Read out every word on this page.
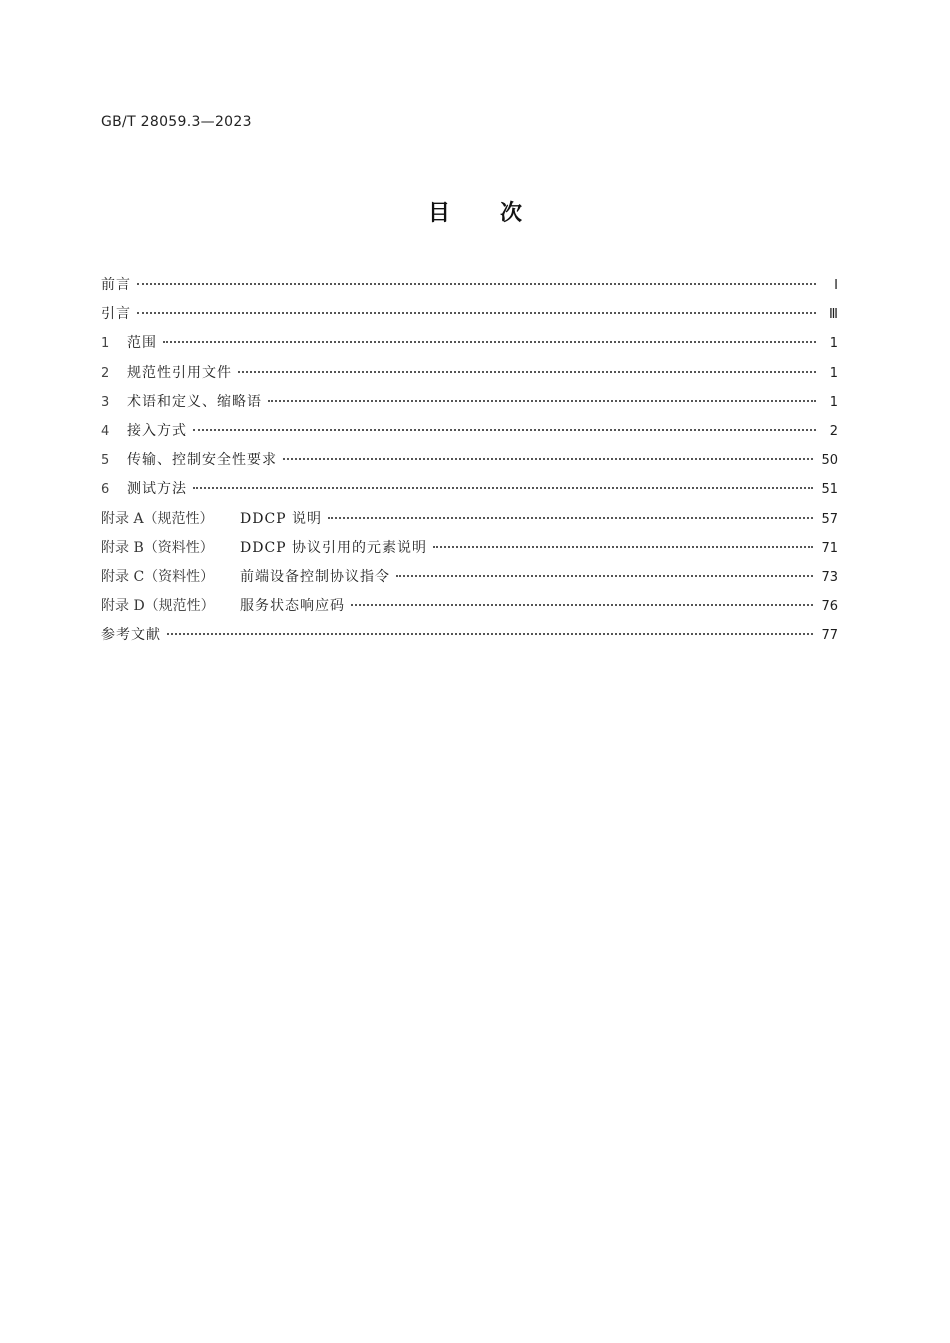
GB/T 28059.3—2023
目次
前言	I
引言	Ⅲ
1	范围	1
2	规范性引用文件	1
3	术语和定义、缩略语	1
4	接入方式	2
5	传输、控制安全性要求	50
6	测试方法	51
附录 A（规范性）	DDCP 说明	57
附录 B（资料性）	DDCP 协议引用的元素说明	71
附录 C（资料性）	前端设备控制协议指令	73
附录 D（规范性）	服务状态响应码	76
参考文献	77
